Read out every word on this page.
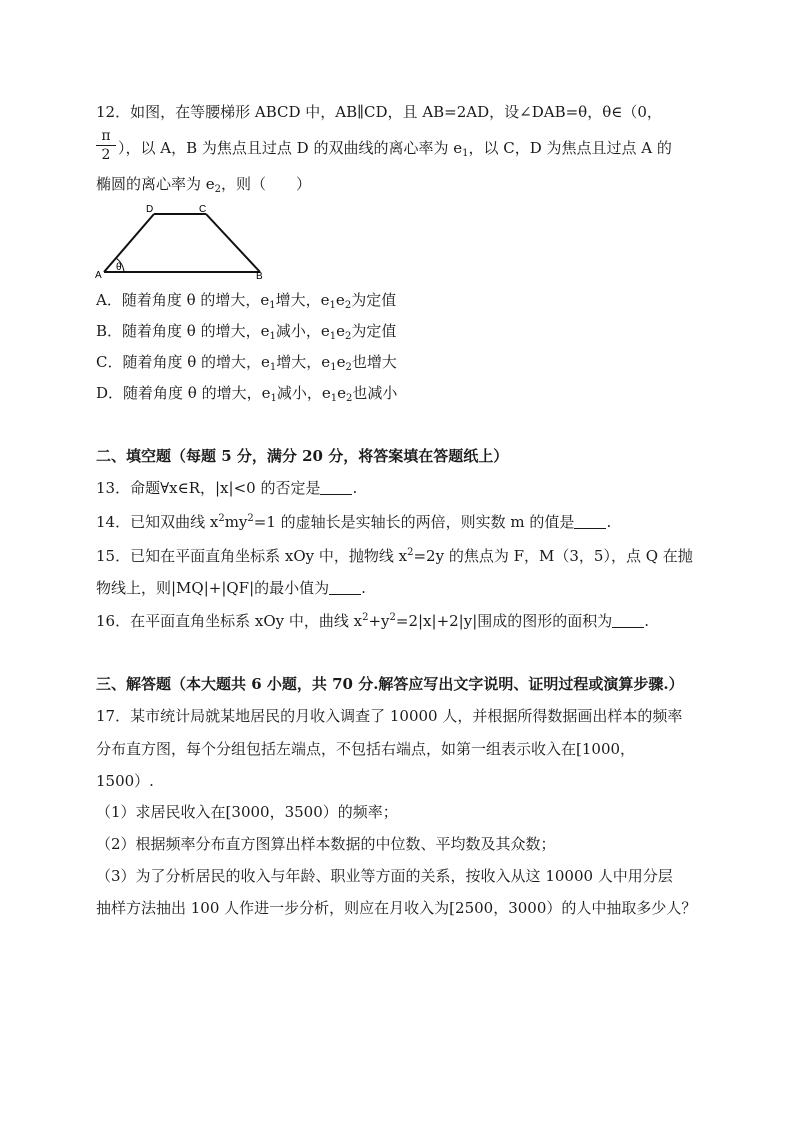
12．如图，在等腰梯形 ABCD 中，AB∥CD，且 AB=2AD，设∠DAB=θ，θ∈（0，
$\frac{\pi}{2}$ ），以 A，B 为焦点且过点 D 的双曲线的离心率为 $e_1$，以 C，D 为焦点且过点 A 的
椭圆的离心率为 $e_2$，则（　　）
D	C
A	B
θ
A．随着角度 θ 的增大，$e_1$增大，$e_1e_2$为定值
B．随着角度 θ 的增大，$e_1$减小，$e_1e_2$为定值
C．随着角度 θ 的增大，$e_1$增大，$e_1e_2$也增大
D．随着角度 θ 的增大，$e_1$减小，$e_1e_2$也减小
二、填空题（每题 5 分，满分 20 分，将答案填在答题纸上）
13．命题∀x∈R，|x|<0 的否定是 .
14．已知双曲线 $x^2my^2=1$ 的虚轴长是实轴长的两倍，则实数 m 的值是 .
15．已知在平面直角坐标系 xOy 中，抛物线 $x^2=2y$ 的焦点为 F，M（3，5），点 Q 在抛
物线上，则|MQ|+|QF|的最小值为 .
16．在平面直角坐标系 xOy 中，曲线 $x^2+y^2=2|x|+2|y|$围成的图形的面积为 .
三、解答题（本大题共 6 小题，共 70 分.解答应写出文字说明、证明过程或演算步骤.）
17．某市统计局就某地居民的月收入调查了 10000 人，并根据所得数据画出样本的频率
分布直方图，每个分组包括左端点，不包括右端点，如第一组表示收入在[1000，
1500）.
（1）求居民收入在[3000，3500）的频率；
（2）根据频率分布直方图算出样本数据的中位数、平均数及其众数；
（3）为了分析居民的收入与年龄、职业等方面的关系，按收入从这 10000 人中用分层
抽样方法抽出 100 人作进一步分析，则应在月收入为[2500，3000）的人中抽取多少人？
